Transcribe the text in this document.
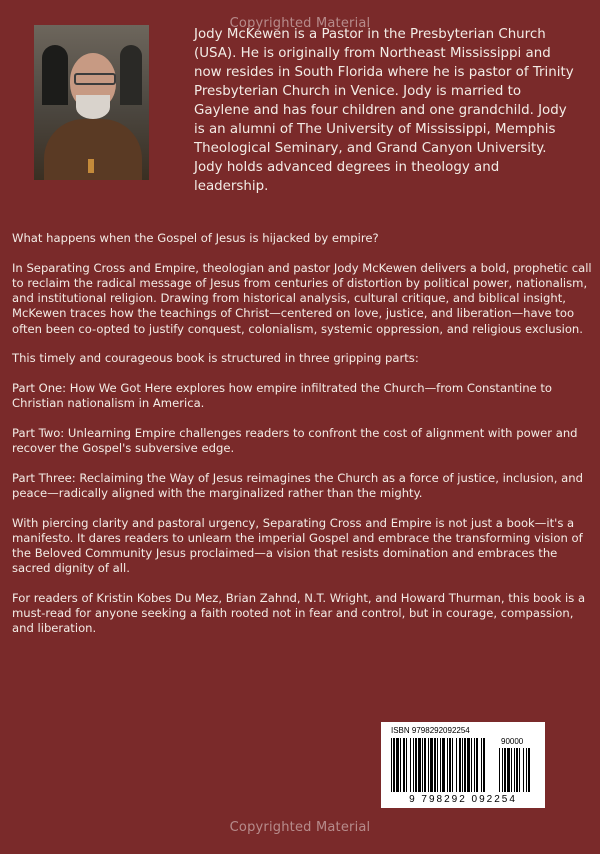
Copyrighted Material

Jody McKewen is a Pastor in the Presbyterian Church (USA). He is originally from Northeast Mississippi and now resides in South Florida where he is pastor of Trinity Presbyterian Church in Venice. Jody is married to Gaylene and has four children and one grandchild. Jody is an alumni of The University of Mississippi, Memphis Theological Seminary, and Grand Canyon University. Jody holds advanced degrees in theology and leadership.

What happens when the Gospel of Jesus is hijacked by empire?

In Separating Cross and Empire, theologian and pastor Jody McKewen delivers a bold, prophetic call to reclaim the radical message of Jesus from centuries of distortion by political power, nationalism, and institutional religion. Drawing from historical analysis, cultural critique, and biblical insight, McKewen traces how the teachings of Christ—centered on love, justice, and liberation—have too often been co-opted to justify conquest, colonialism, systemic oppression, and religious exclusion.

This timely and courageous book is structured in three gripping parts:

Part One: How We Got Here explores how empire infiltrated the Church—from Constantine to Christian nationalism in America.

Part Two: Unlearning Empire challenges readers to confront the cost of alignment with power and recover the Gospel's subversive edge.

Part Three: Reclaiming the Way of Jesus reimagines the Church as a force of justice, inclusion, and peace—radically aligned with the marginalized rather than the mighty.

With piercing clarity and pastoral urgency, Separating Cross and Empire is not just a book—it's a manifesto. It dares readers to unlearn the imperial Gospel and embrace the transforming vision of the Beloved Community Jesus proclaimed—a vision that resists domination and embraces the sacred dignity of all.

For readers of Kristin Kobes Du Mez, Brian Zahnd, N.T. Wright, and Howard Thurman, this book is a must-read for anyone seeking a faith rooted not in fear and control, but in courage, compassion, and liberation.

ISBN 9798292092254
90000
9 798292 092254
Copyrighted Material
